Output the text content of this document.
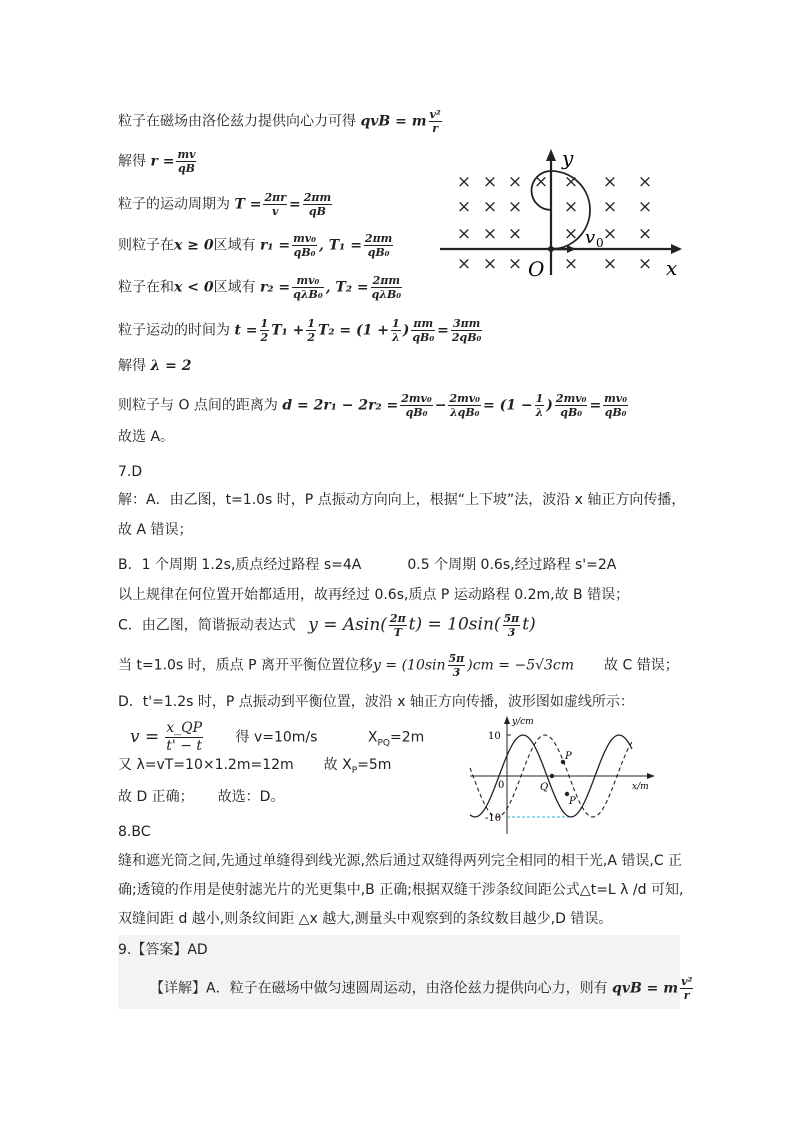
粒子在磁场由洛伦兹力提供向心力可得 qvB = m $\frac{\text{v²}}{r}$
解得 $r = \frac{mv}{qB}$
粒子的运动周期为 $T = \frac{2\pi r}{v} = \frac{2\pi m}{qB}$
则粒子在x ≥ 0区域有 $r_1 = \frac{\text{mv₀}}{\text{qB₀}}$ , $T_1 = \frac{2\pi m}{\text{qB₀}}$
粒子在和x < 0区域有 $r_2 = \frac{\text{mv₀}}{\text{qλB₀}}$ , $T_2 = \frac{2\pi m}{\text{qλB₀}}$
粒子运动的时间为 $t = \frac{1}{2} T_1 + \frac{1}{2} T_2 = (1 + \frac{1}{\lambda}$ ) $\frac{\pi m}{\text{qB₀}} = \frac{3\pi m}{\text{2qB₀}}$
解得 λ = 2
则粒子与 O 点间的距离为 $d = 2r_1 - 2r_2 = \frac{\text{2mv₀}}{\text{qB₀}} - \frac{\text{2mv₀}}{\text{λqB₀}} = (1 - \frac{1}{\lambda}$ ) $\frac{\text{2mv₀}}{\text{qB₀}} = \frac{\text{mv₀}}{\text{qB₀}}$
故选 A。
× × × × × × ×
× × × × × ×
× × × × × ×
× × × × × ×
y
x
O
v 0
7.D
解：A．由乙图，t=1.0s 时，P 点振动方向向上，根据“上下坡”法，波沿 x 轴正方向传播，
故 A 错误；
B．1 个周期 1.2s,质点经过路程 s=4A	0.5 个周期 0.6s,经过路程 s'=2A
以上规律在何位置开始都适用，故再经过 0.6s,质点 P 运动路程 0.2m,故 B 错误；
C．由乙图，简谐振动表达式 $y = Asin( \frac{2\pi}{T} t) = 10\sin( \frac{5\pi}{3} t)$
当 t=1.0s 时，质点 P 离开平衡位置位移$y = (10\sin \frac{5\pi}{3} )cm = -5√3cm$ 故 C 错误；
D．t'=1.2s 时，P 点振动到平衡位置，波沿 x 轴正方向传播，波形图如虚线所示：
$v = \frac{x\_QP}{t' - t}$ 得 v=10m/s	$X_{PQ}=2m$
又 λ=vT=10×1.2m=12m 故 $X_P=5m$
故 D 正确； 故选：D。
y/cm
x/m
10
-10
0
P
Q
P
8.BC
缝和遮光筒之间,先通过单缝得到线光源,然后通过双缝得两列完全相同的相干光,A 错误,C 正
确;透镜的作用是使射滤光片的光更集中,B 正确;根据双缝干涉条纹间距公式△t=L λ /d 可知,
双缝间距 d 越小,则条纹间距 △x 越大,测量头中观察到的条纹数目越少,D 错误。
9.【答案】AD
【详解】A．粒子在磁场中做匀速圆周运动，由洛伦兹力提供向心力，则有 qvB = m $\frac{\text{v²}}{r}$
